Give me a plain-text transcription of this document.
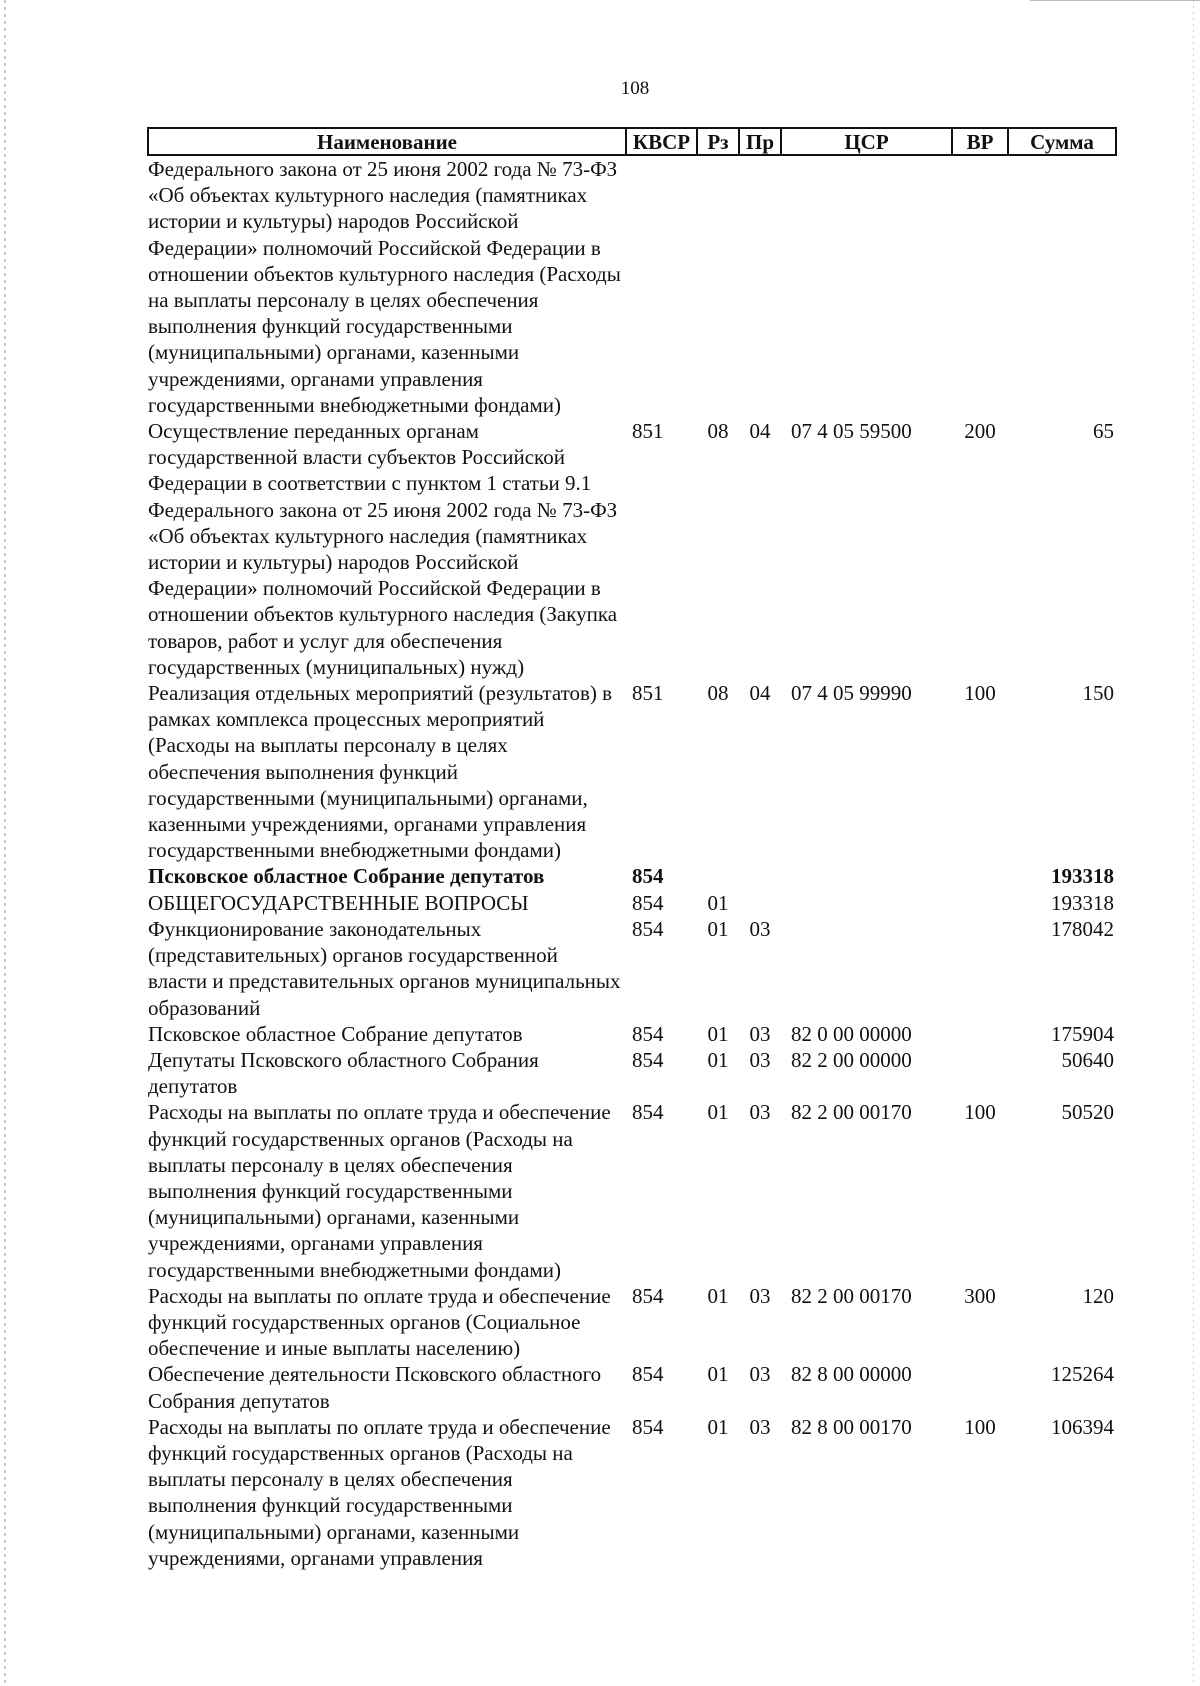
108
Наименование	КВСР	Рз	Пр	ЦСР	ВР	Сумма
Федерального закона от 25 июня 2002 года № 73-ФЗ «Об объектах культурного наследия (памятниках истории и культуры) народов Российской Федерации» полномочий Российской Федерации в отношении объектов культурного наследия (Расходы на выплаты персоналу в целях обеспечения выполнения функций государственными (муниципальными) органами, казенными учреждениями, органами управления государственными внебюджетными фондами)						
Осуществление переданных органам государственной власти субъектов Российской Федерации в соответствии с пунктом 1 статьи 9.1 Федерального закона от 25 июня 2002 года № 73-ФЗ «Об объектах культурного наследия (памятниках истории и культуры) народов Российской Федерации» полномочий Российской Федерации в отношении объектов культурного наследия (Закупка товаров, работ и услуг для обеспечения государственных (муниципальных) нужд)	851	08	04	07 4 05 59500	200	65
Реализация отдельных мероприятий (результатов) в рамках комплекса процессных мероприятий (Расходы на выплаты персоналу в целях обеспечения выполнения функций государственными (муниципальными) органами, казенными учреждениями, органами управления государственными внебюджетными фондами)	851	08	04	07 4 05 99990	100	150
Псковское областное Собрание депутатов	854					193318
ОБЩЕГОСУДАРСТВЕННЫЕ ВОПРОСЫ	854	01				193318
Функционирование законодательных (представительных) органов государственной власти и представительных органов муниципальных образований	854	01	03			178042
Псковское областное Собрание депутатов	854	01	03	82 0 00 00000		175904
Депутаты Псковского областного Собрания депутатов	854	01	03	82 2 00 00000		50640
Расходы на выплаты по оплате труда и обеспечение функций государственных органов (Расходы на выплаты персоналу в целях обеспечения выполнения функций государственными (муниципальными) органами, казенными учреждениями, органами управления государственными внебюджетными фондами)	854	01	03	82 2 00 00170	100	50520
Расходы на выплаты по оплате труда и обеспечение функций государственных органов (Социальное обеспечение и иные выплаты населению)	854	01	03	82 2 00 00170	300	120
Обеспечение деятельности Псковского областного Собрания депутатов	854	01	03	82 8 00 00000		125264
Расходы на выплаты по оплате труда и обеспечение функций государственных органов (Расходы на выплаты персоналу в целях обеспечения выполнения функций государственными (муниципальными) органами, казенными учреждениями, органами управления	854	01	03	82 8 00 00170	100	106394
